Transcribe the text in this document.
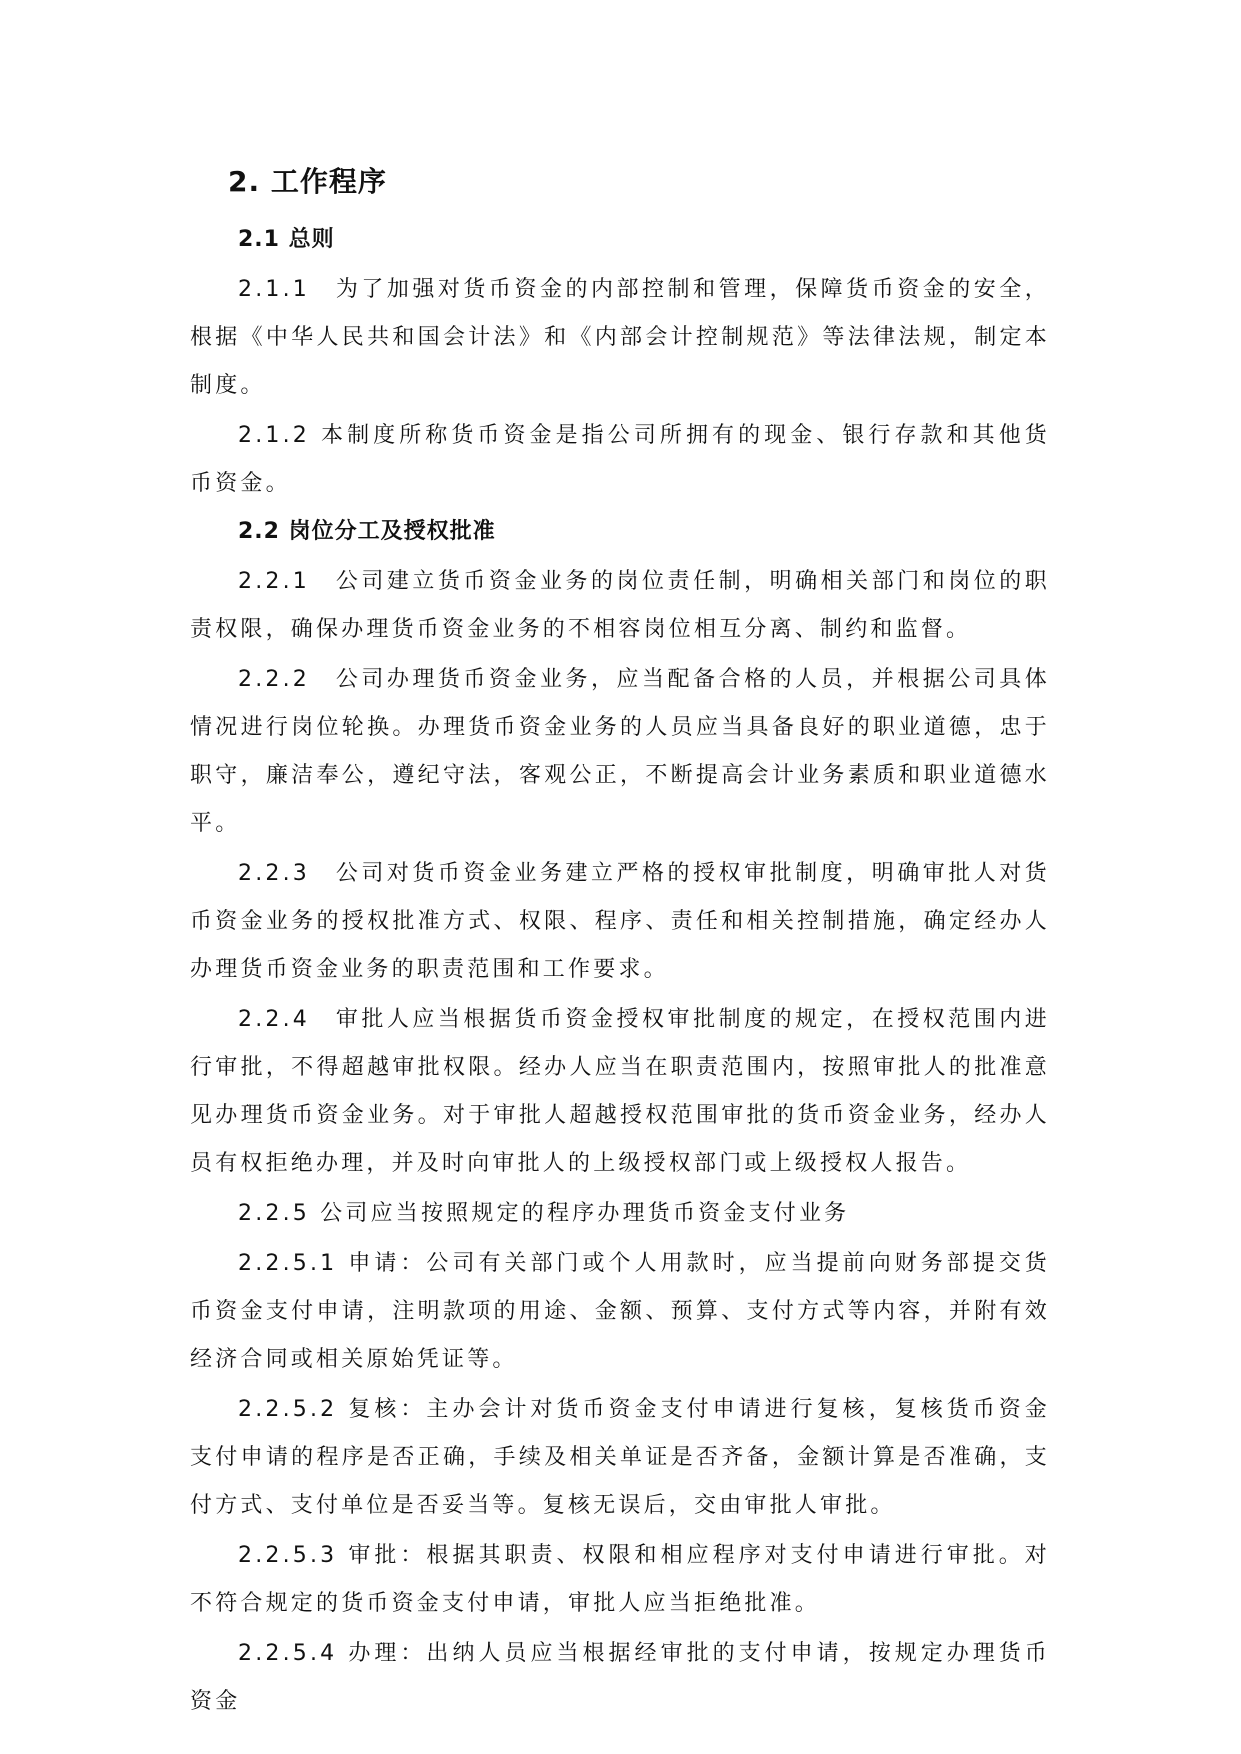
2. 工作程序
2.1 总则
2.1.1　为了加强对货币资金的内部控制和管理，保障货币资金的安全，根据《中华人民共和国会计法》和《内部会计控制规范》等法律法规，制定本制度。
2.1.2 本制度所称货币资金是指公司所拥有的现金、银行存款和其他货币资金。
2.2 岗位分工及授权批准
2.2.1　公司建立货币资金业务的岗位责任制，明确相关部门和岗位的职责权限，确保办理货币资金业务的不相容岗位相互分离、制约和监督。
2.2.2　公司办理货币资金业务，应当配备合格的人员，并根据公司具体情况进行岗位轮换。办理货币资金业务的人员应当具备良好的职业道德，忠于职守，廉洁奉公，遵纪守法，客观公正，不断提高会计业务素质和职业道德水平。
2.2.3　公司对货币资金业务建立严格的授权审批制度，明确审批人对货币资金业务的授权批准方式、权限、程序、责任和相关控制措施，确定经办人办理货币资金业务的职责范围和工作要求。
2.2.4　审批人应当根据货币资金授权审批制度的规定，在授权范围内进行审批，不得超越审批权限。经办人应当在职责范围内，按照审批人的批准意见办理货币资金业务。对于审批人超越授权范围审批的货币资金业务，经办人员有权拒绝办理，并及时向审批人的上级授权部门或上级授权人报告。
2.2.5 公司应当按照规定的程序办理货币资金支付业务
2.2.5.1 申请：公司有关部门或个人用款时，应当提前向财务部提交货币资金支付申请，注明款项的用途、金额、预算、支付方式等内容，并附有效经济合同或相关原始凭证等。
2.2.5.2 复核：主办会计对货币资金支付申请进行复核，复核货币资金支付申请的程序是否正确，手续及相关单证是否齐备，金额计算是否准确，支付方式、支付单位是否妥当等。复核无误后，交由审批人审批。
2.2.5.3 审批：根据其职责、权限和相应程序对支付申请进行审批。对不符合规定的货币资金支付申请，审批人应当拒绝批准。
2.2.5.4 办理：出纳人员应当根据经审批的支付申请，按规定办理货币资金
